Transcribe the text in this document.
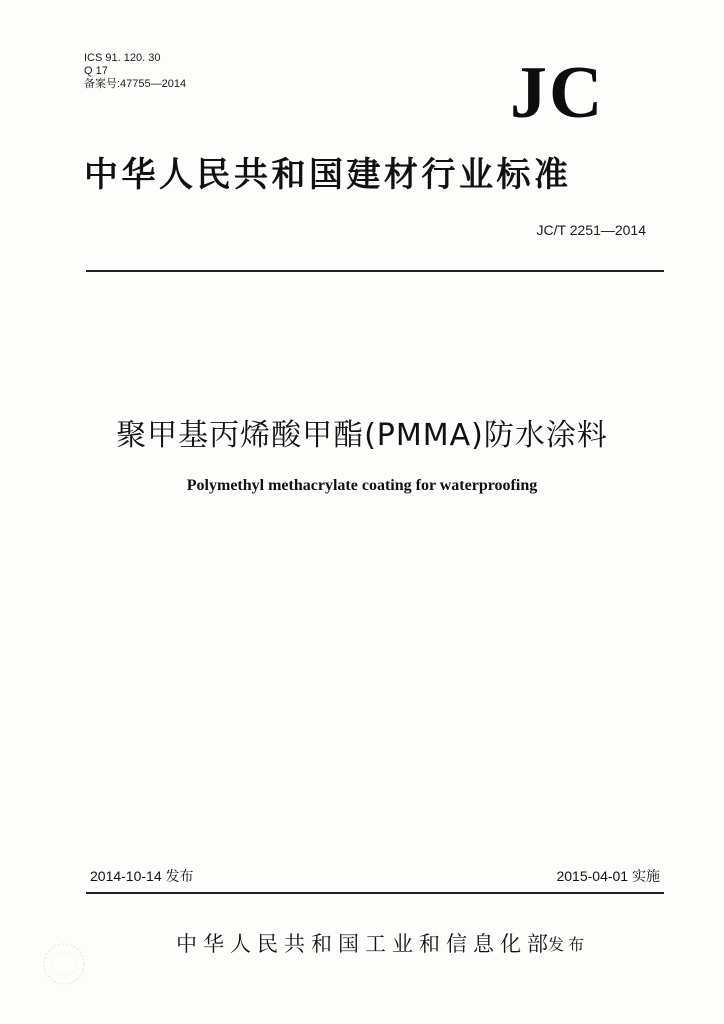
ICS 91. 120. 30
Q 17
备案号:47755—2014	JC
中华人民共和国建材行业标准
JC/T 2251—2014
聚甲基丙烯酸甲酯(PMMA)防水涂料
Polymethyl methacrylate coating for waterproofing
2014-10-14 发布	2015-04-01 实施
中华人民共和国工业和信息化部
发布
